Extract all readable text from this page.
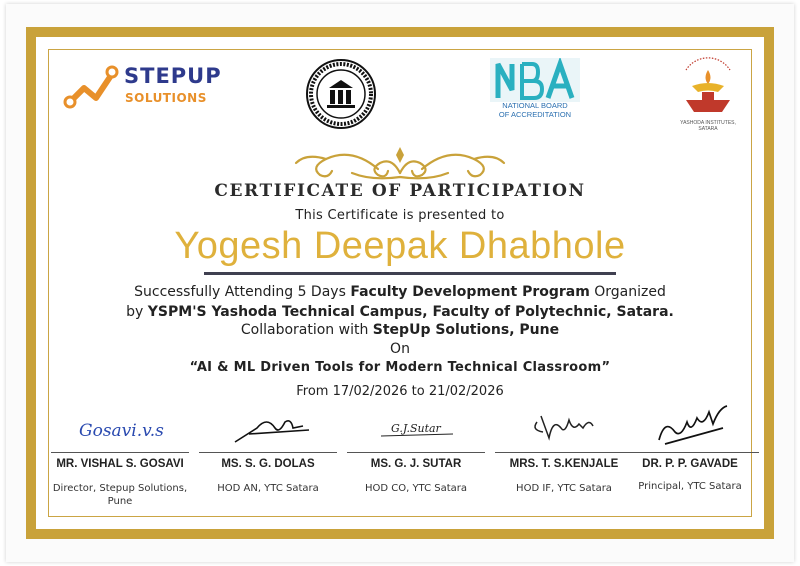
STEPUP
SOLUTIONS
NATIONAL BOARD
OF ACCREDITATION
YASHODA INSTITUTES, SATARA
CERTIFICATE OF PARTICIPATION
This Certificate is presented to
Yogesh Deepak Dhabhole
Successfully Attending 5 Days Faculty Development Program Organized
by YSPM'S Yashoda Technical Campus, Faculty of Polytechnic, Satara.
Collaboration with StepUp Solutions, Pune
On
“AI & ML Driven Tools for Modern Technical Classroom”
From 17/02/2026 to 21/02/2026
Gosavi.v.s
MR. VISHAL S. GOSAVI
Director, Stepup Solutions, Pune
MS. S. G. DOLAS
HOD AN, YTC Satara
G.J.Sutar
MS. G. J. SUTAR
HOD CO, YTC Satara
MRS. T. S.KENJALE
HOD IF, YTC Satara
DR. P. P. GAVADE
Principal, YTC Satara
